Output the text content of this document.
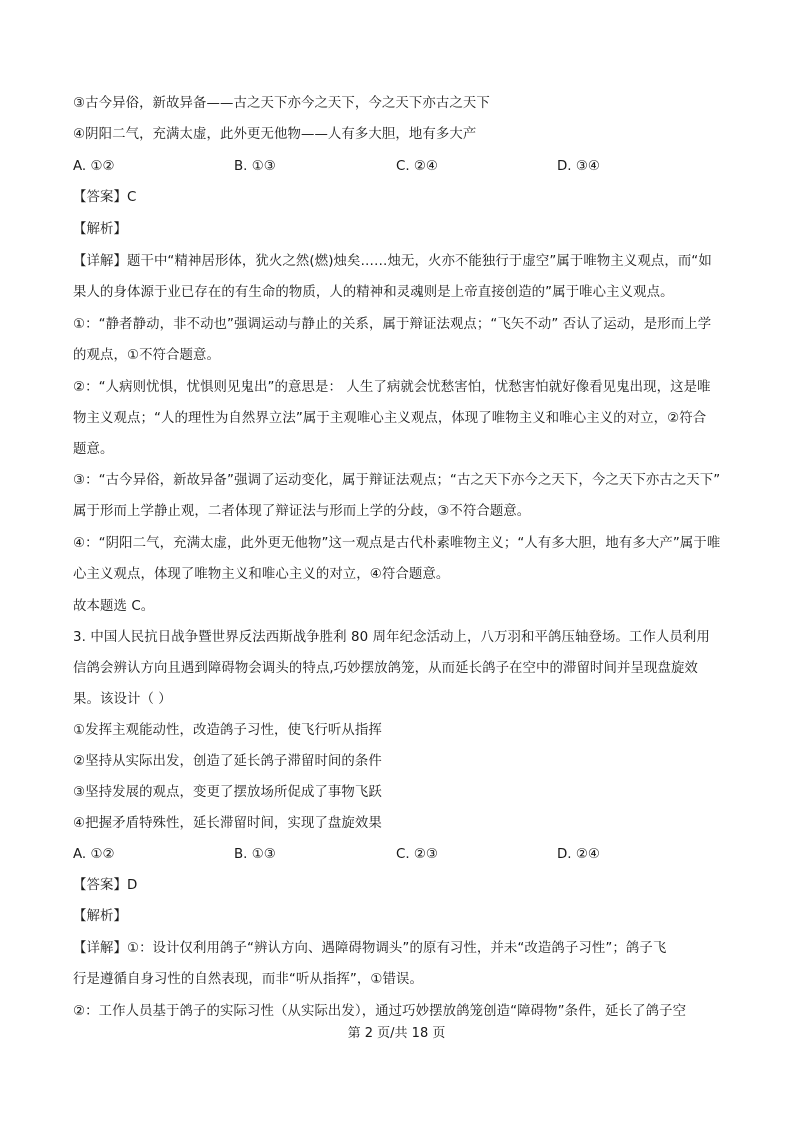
③古今异俗，新故异备——古之天下亦今之天下，今之天下亦古之天下
④阴阳二气，充满太虚，此外更无他物——人有多大胆，地有多大产
A. ①②	B. ①③	C. ②④	D. ③④
【答案】C
【解析】
【详解】题干中“精神居形体，犹火之然(燃)烛矣……烛无，火亦不能独行于虚空”属于唯物主义观点，而“如
果人的身体源于业已存在的有生命的物质，人的精神和灵魂则是上帝直接创造的”属于唯心主义观点。
①：“静者静动，非不动也”强调运动与静止的关系，属于辩证法观点；“飞矢不动” 否认了运动，是形而上学
的观点，①不符合题意。
②：“人病则忧惧，忧惧则见鬼出”的意思是： 人生了病就会忧愁害怕，忧愁害怕就好像看见鬼出现，这是唯
物主义观点；“人的理性为自然界立法”属于主观唯心主义观点，体现了唯物主义和唯心主义的对立，②符合
题意。
③：“古今异俗，新故异备”强调了运动变化，属于辩证法观点；“古之天下亦今之天下，今之天下亦古之天下”
属于形而上学静止观，二者体现了辩证法与形而上学的分歧，③不符合题意。
④：“阴阳二气，充满太虚，此外更无他物”这一观点是古代朴素唯物主义；“人有多大胆，地有多大产”属于唯
心主义观点，体现了唯物主义和唯心主义的对立，④符合题意。
故本题选 C。
3. 中国人民抗日战争暨世界反法西斯战争胜利 80 周年纪念活动上，八万羽和平鸽压轴登场。工作人员利用
信鸽会辨认方向且遇到障碍物会调头的特点,巧妙摆放鸽笼，从而延长鸽子在空中的滞留时间并呈现盘旋效
果。该设计（ ）
①发挥主观能动性，改造鸽子习性，使飞行听从指挥
②坚持从实际出发，创造了延长鸽子滞留时间的条件
③坚持发展的观点，变更了摆放场所促成了事物飞跃
④把握矛盾特殊性，延长滞留时间，实现了盘旋效果
A. ①②	B. ①③	C. ②③	D. ②④
【答案】D
【解析】
【详解】①：设计仅利用鸽子“辨认方向、遇障碍物调头”的原有习性，并未“改造鸽子习性”；鸽子飞
行是遵循自身习性的自然表现，而非“听从指挥”，①错误。
②：工作人员基于鸽子的实际习性（从实际出发），通过巧妙摆放鸽笼创造“障碍物”条件，延长了鸽子空
第 2 页/共 18 页
